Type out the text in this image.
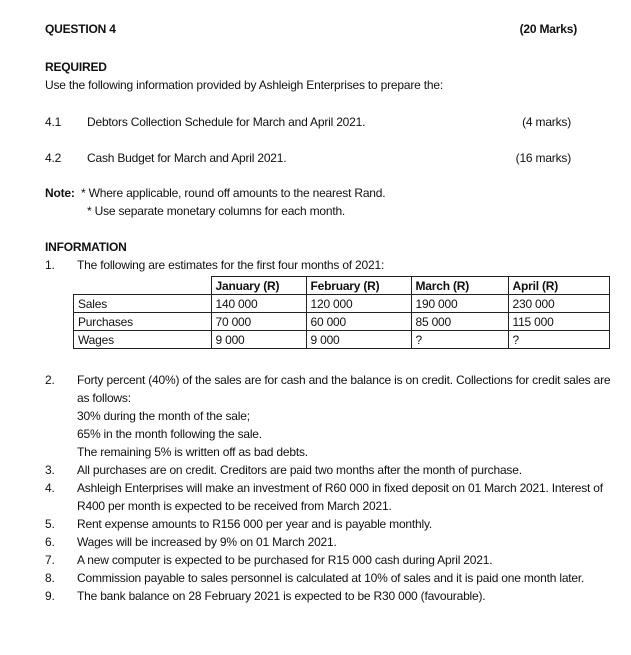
QUESTION 4	(20 Marks)
REQUIRED
Use the following information provided by Ashleigh Enterprises to prepare the:
4.1 Debtors Collection Schedule for March and April 2021.	(4 marks)
4.2 Cash Budget for March and April 2021.	(16 marks)
Note: * Where applicable, round off amounts to the nearest Rand.
* Use separate monetary columns for each month.
INFORMATION
1. The following are estimates for the first four months of 2021:
	January (R)	February (R)	March (R)	April (R)
Sales	140 000	120 000	190 000	230 000
Purchases	70 000	60 000	85 000	115 000
Wages	9 000	9 000	?	?
2. Forty percent (40%) of the sales are for cash and the balance is on credit. Collections for credit sales are
as follows:
30% during the month of the sale;
65% in the month following the sale.
The remaining 5% is written off as bad debts.
3. All purchases are on credit. Creditors are paid two months after the month of purchase.
4. Ashleigh Enterprises will make an investment of R60 000 in fixed deposit on 01 March 2021. Interest of
R400 per month is expected to be received from March 2021.
5. Rent expense amounts to R156 000 per year and is payable monthly.
6. Wages will be increased by 9% on 01 March 2021.
7. A new computer is expected to be purchased for R15 000 cash during April 2021.
8. Commission payable to sales personnel is calculated at 10% of sales and it is paid one month later.
9. The bank balance on 28 February 2021 is expected to be R30 000 (favourable).
